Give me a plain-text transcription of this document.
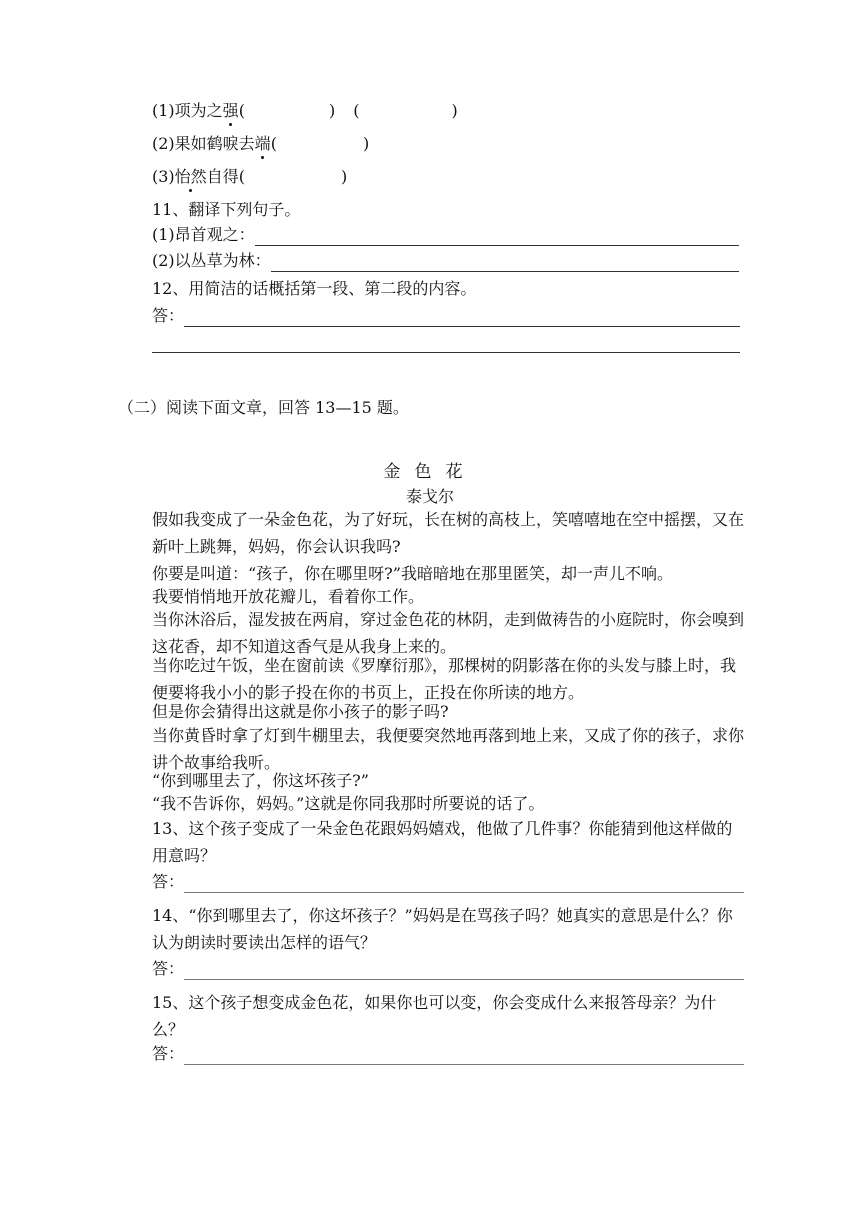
(1)项为之强(	) (	)
(2)果如鹤唳去端(	)
(3)怡然自得(	)
11、翻译下列句子。
(1)昂首观之：
(2)以丛草为林：
12、用简洁的话概括第一段、第二段的内容。
答：
（二）阅读下面文章，回答 13—15 题。
金色花
泰戈尔
假如我变成了一朵金色花，为了好玩，长在树的高枝上，笑嘻嘻地在空中摇摆，又在新叶上跳舞，妈妈，你会认识我吗?
你要是叫道：“孩子，你在哪里呀?”我暗暗地在那里匿笑，却一声儿不响。
我要悄悄地开放花瓣儿，看着你工作。
当你沐浴后，湿发披在两肩，穿过金色花的林阴，走到做祷告的小庭院时，你会嗅到这花香，却不知道这香气是从我身上来的。
当你吃过午饭，坐在窗前读《罗摩衍那》，那棵树的阴影落在你的头发与膝上时，我便要将我小小的影子投在你的书页上，正投在你所读的地方。
但是你会猜得出这就是你小孩子的影子吗?
当你黄昏时拿了灯到牛棚里去，我便要突然地再落到地上来，又成了你的孩子，求你讲个故事给我听。
“你到哪里去了，你这坏孩子?”
“我不告诉你，妈妈。”这就是你同我那时所要说的话了。
13、这个孩子变成了一朵金色花跟妈妈嬉戏，他做了几件事？你能猜到他这样做的用意吗？
答：
14、“你到哪里去了，你这坏孩子？”妈妈是在骂孩子吗？她真实的意思是什么？你认为朗读时要读出怎样的语气？
答：
15、这个孩子想变成金色花，如果你也可以变，你会变成什么来报答母亲？为什么？
答：
